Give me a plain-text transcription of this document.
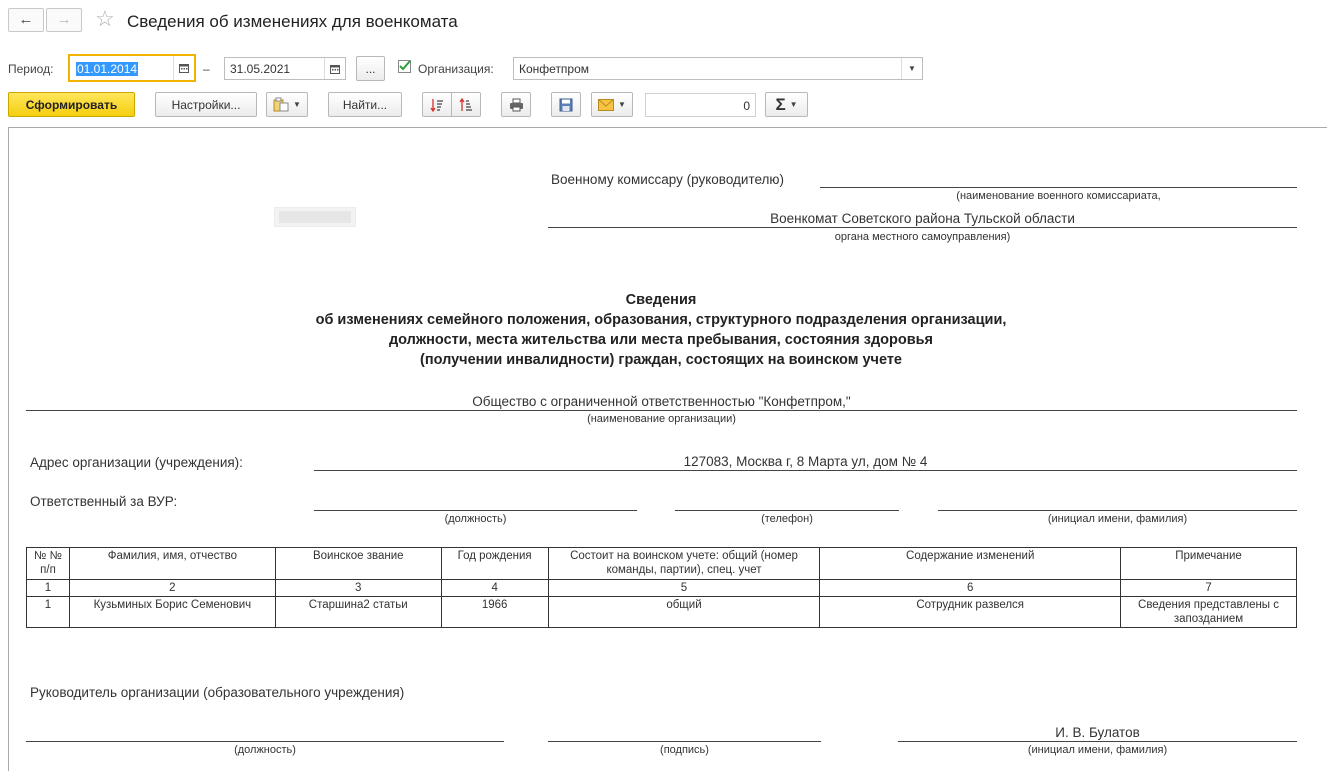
←	→	☆ Сведения об изменениях для военкомата
Период: 01.01.2014	– 31.05.2021	...	Организация: Конфетпром	▼
Сформировать	Настройки...	▼	Найти...	▼	0 Σ ▼
Военному комиссару (руководителю)
(наименование военного комиссариата,
Военкомат Советского района Тульской области
органа местного самоуправления)
Сведения
об изменениях семейного положения, образования, структурного подразделения организации,
должности, места жительства или места пребывания, состояния здоровья
(получении инвалидности) граждан, состоящих на воинском учете
Общество с ограниченной ответственностью "Конфетпром,"
(наименование организации)
Адрес организации (учреждения):	127083, Москва г, 8 Марта ул, дом № 4
Ответственный за ВУР:
(должность)	(телефон)	(инициал имени, фамилия)
№ №
п/п	Фамилия, имя, отчество	Воинское звание	Год рождения	Состоит на воинском учете: общий (номер команды, партии), спец. учет	Содержание изменений	Примечание
1	2	3	4	5	6	7
1	Кузьминых Борис Семенович	Старшина2 статьи	1966	общий	Сотрудник развелся	Сведения представлены с запозданием
Руководитель организации (образовательного учреждения)
И. В. Булатов
(должность)	(подпись)	(инициал имени, фамилия)
